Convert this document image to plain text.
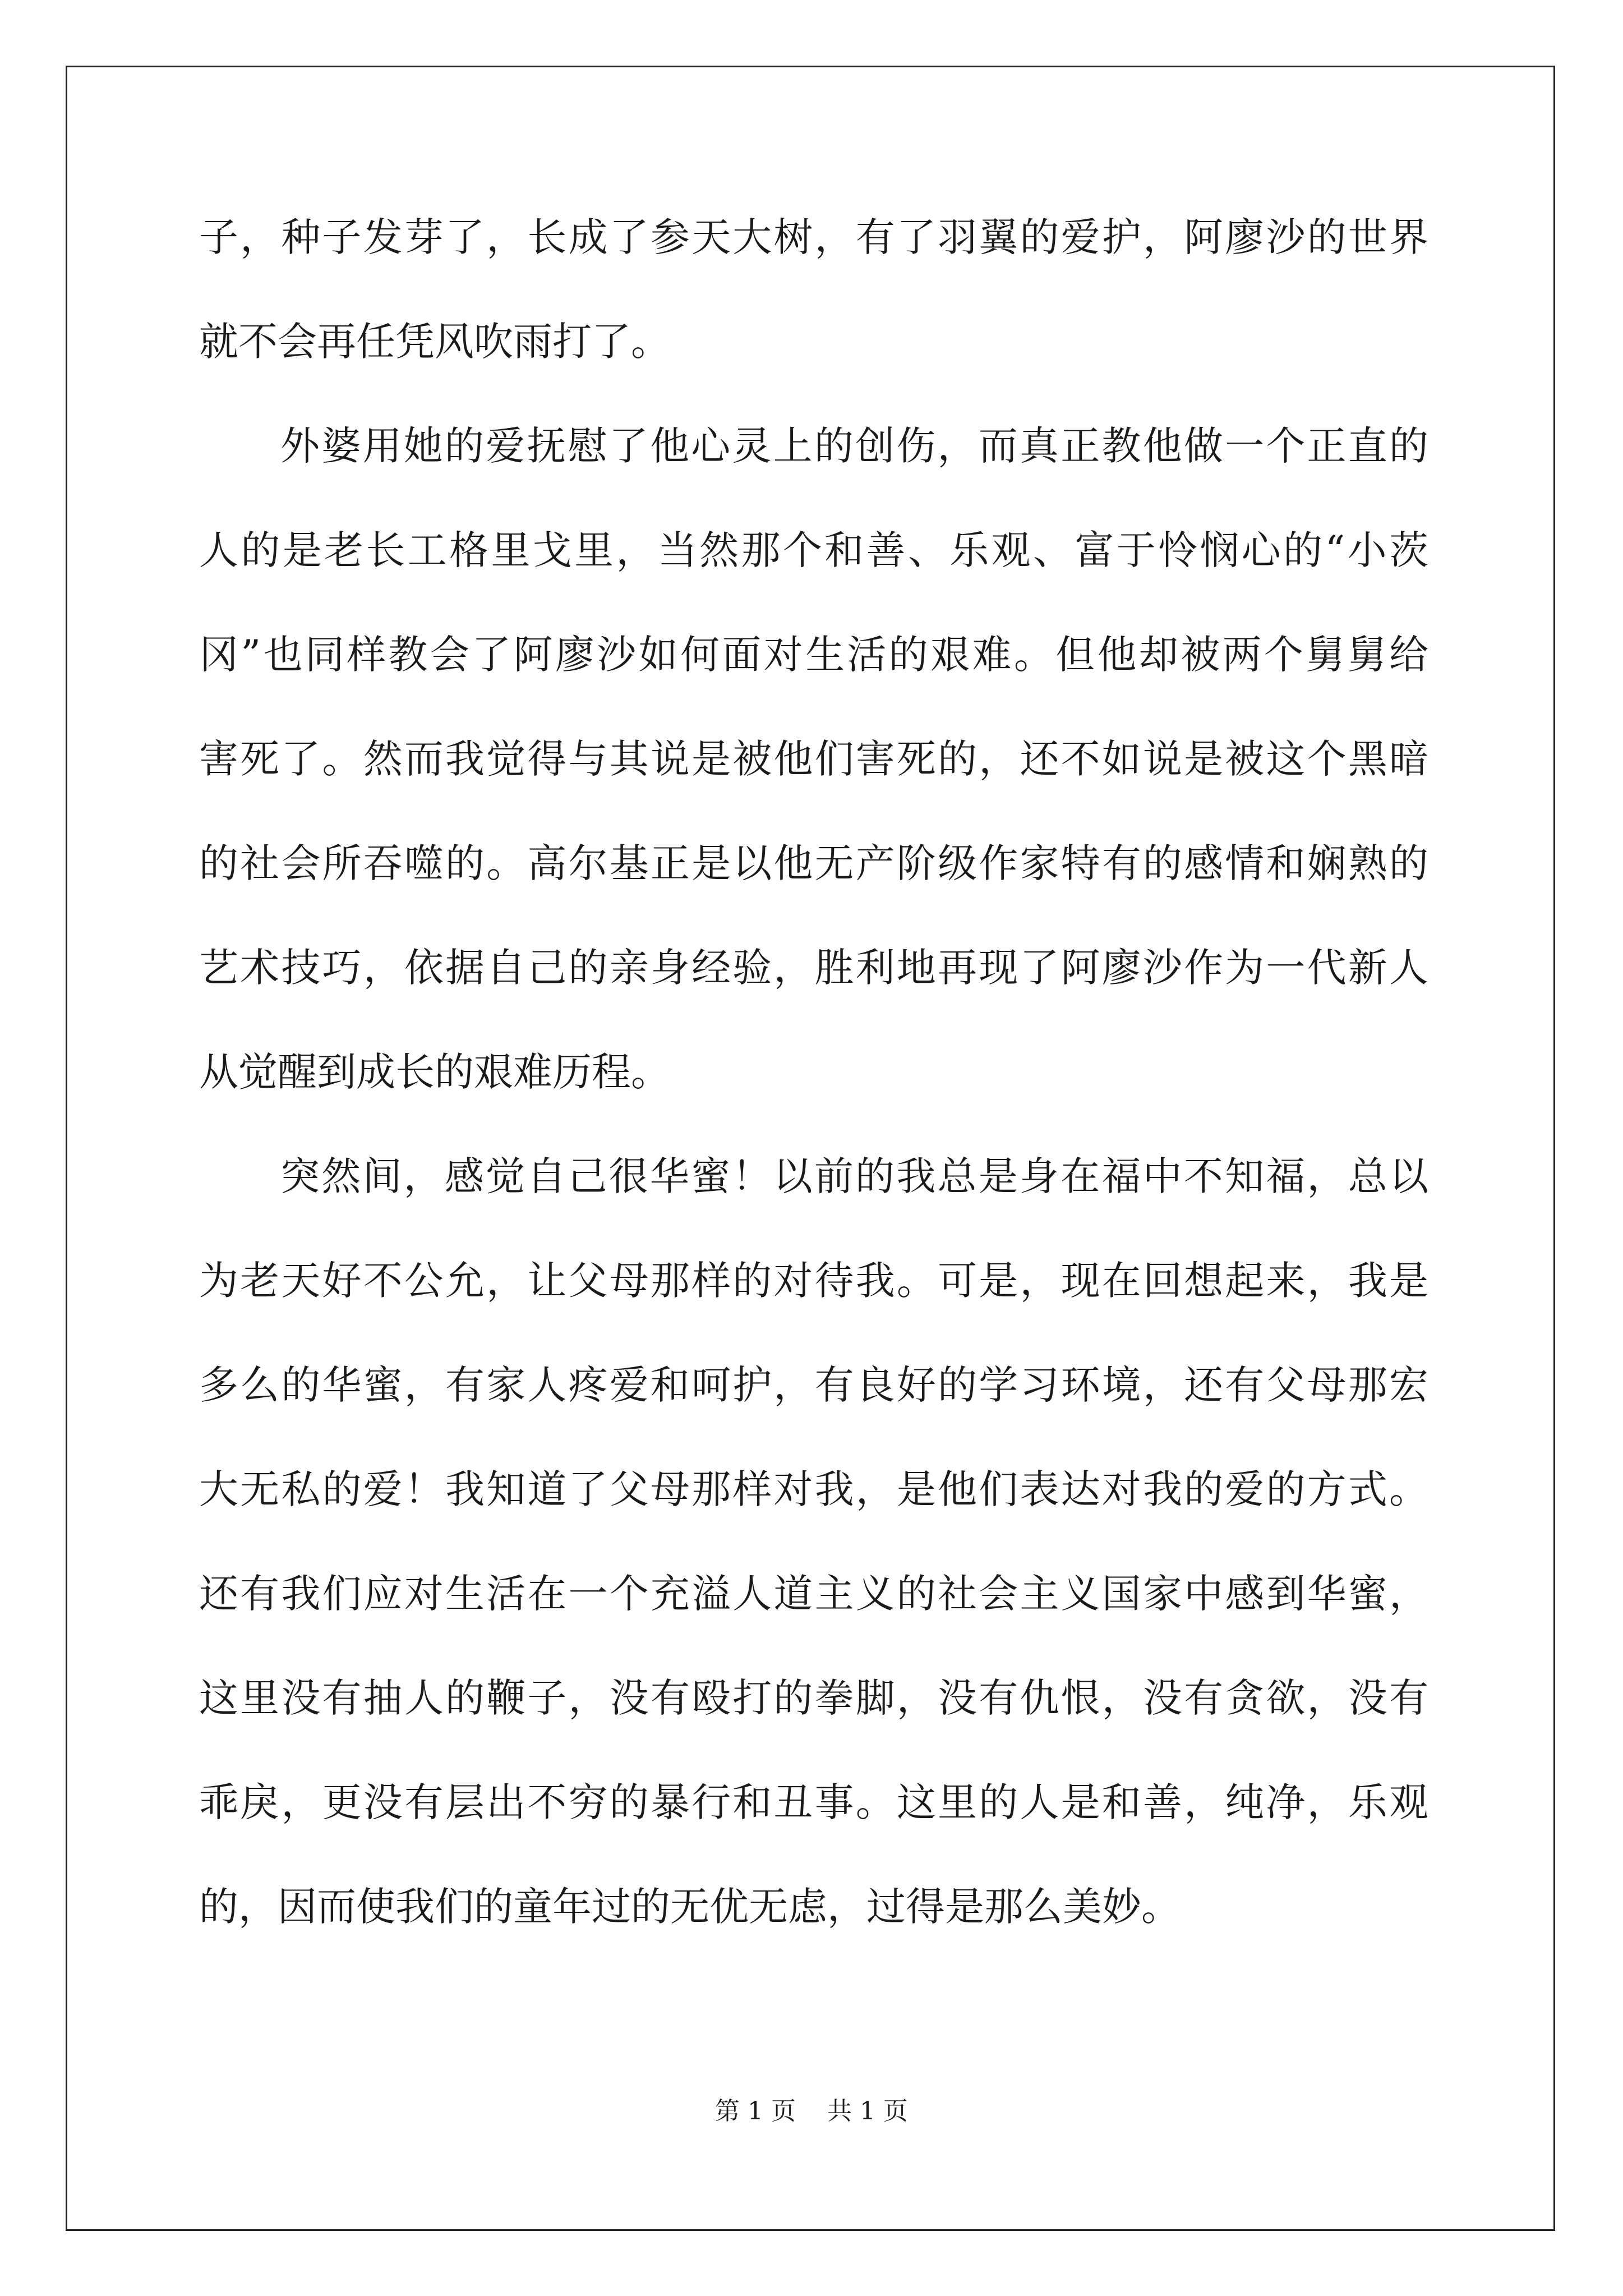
子，种子发芽了，长成了参天大树，有了羽翼的爱护，阿廖沙的世界
就不会再任凭风吹雨打了。
外婆用她的爱抚慰了他心灵上的创伤，而真正教他做一个正直的
人的是老长工格里戈里，当然那个和善、乐观、富于怜悯心的“小茨
冈”也同样教会了阿廖沙如何面对生活的艰难。但他却被两个舅舅给
害死了。然而我觉得与其说是被他们害死的，还不如说是被这个黑暗
的社会所吞噬的。高尔基正是以他无产阶级作家特有的感情和娴熟的
艺术技巧，依据自己的亲身经验，胜利地再现了阿廖沙作为一代新人
从觉醒到成长的艰难历程。
突然间，感觉自己很华蜜！以前的我总是身在福中不知福，总以
为老天好不公允，让父母那样的对待我。可是，现在回想起来，我是
多么的华蜜，有家人疼爱和呵护，有良好的学习环境，还有父母那宏
大无私的爱！我知道了父母那样对我，是他们表达对我的爱的方式。
还有我们应对生活在一个充溢人道主义的社会主义国家中感到华蜜，
这里没有抽人的鞭子，没有殴打的拳脚，没有仇恨，没有贪欲，没有
乖戾，更没有层出不穷的暴行和丑事。这里的人是和善，纯净，乐观
的，因而使我们的童年过的无优无虑，过得是那么美妙。
第 1 页    共 1 页
